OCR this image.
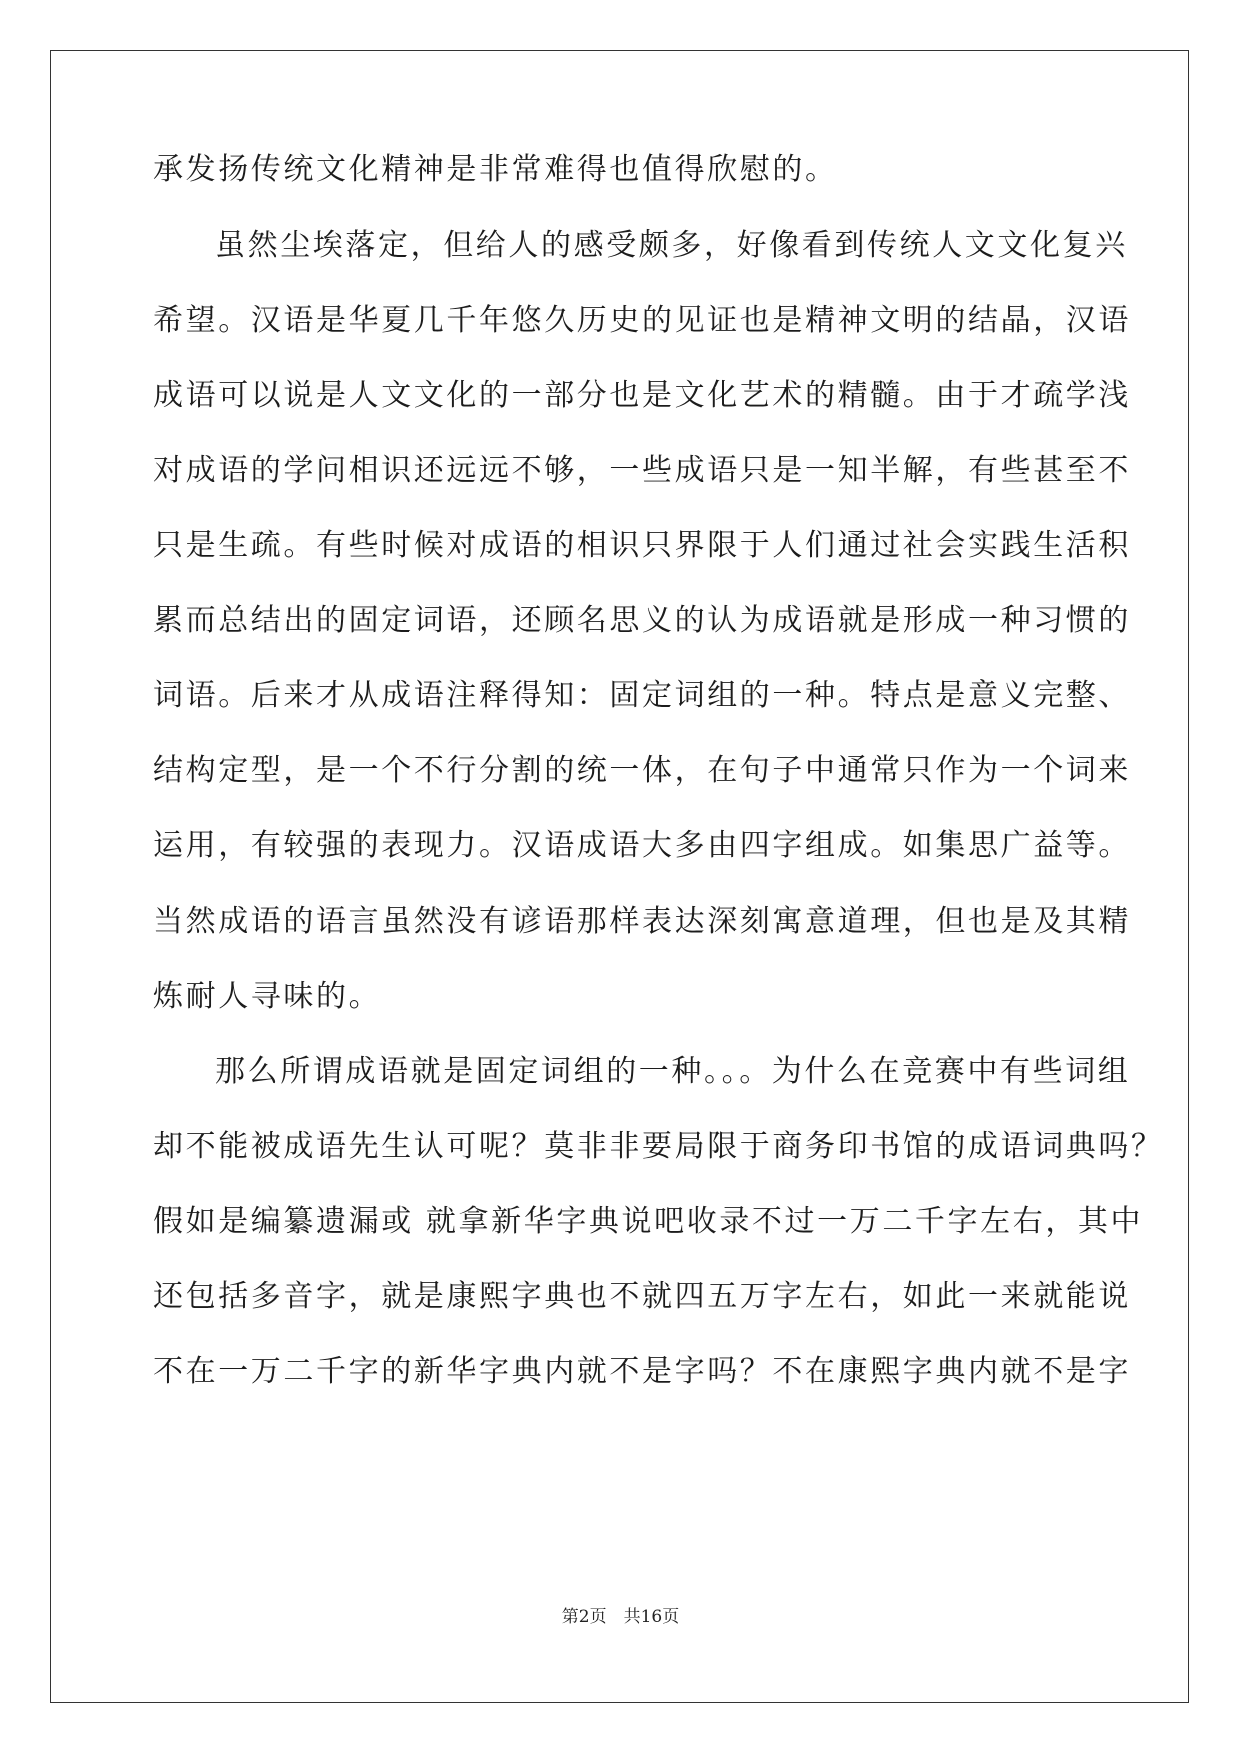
承发扬传统文化精神是非常难得也值得欣慰的。
虽然尘埃落定，但给人的感受颇多，好像看到传统人文文化复兴
希望。汉语是华夏几千年悠久历史的见证也是精神文明的结晶，汉语
成语可以说是人文文化的一部分也是文化艺术的精髓。由于才疏学浅
对成语的学问相识还远远不够，一些成语只是一知半解，有些甚至不
只是生疏。有些时候对成语的相识只界限于人们通过社会实践生活积
累而总结出的固定词语，还顾名思义的认为成语就是形成一种习惯的
词语。后来才从成语注释得知：固定词组的一种。特点是意义完整、
结构定型，是一个不行分割的统一体，在句子中通常只作为一个词来
运用，有较强的表现力。汉语成语大多由四字组成。如集思广益等。
当然成语的语言虽然没有谚语那样表达深刻寓意道理，但也是及其精
炼耐人寻味的。
那么所谓成语就是固定词组的一种。。。为什么在竞赛中有些词组
却不能被成语先生认可呢？莫非非要局限于商务印书馆的成语词典吗？
假如是编纂遗漏或 就拿新华字典说吧收录不过一万二千字左右，其中
还包括多音字，就是康熙字典也不就四五万字左右，如此一来就能说
不在一万二千字的新华字典内就不是字吗？不在康熙字典内就不是字
第2页　共16页
